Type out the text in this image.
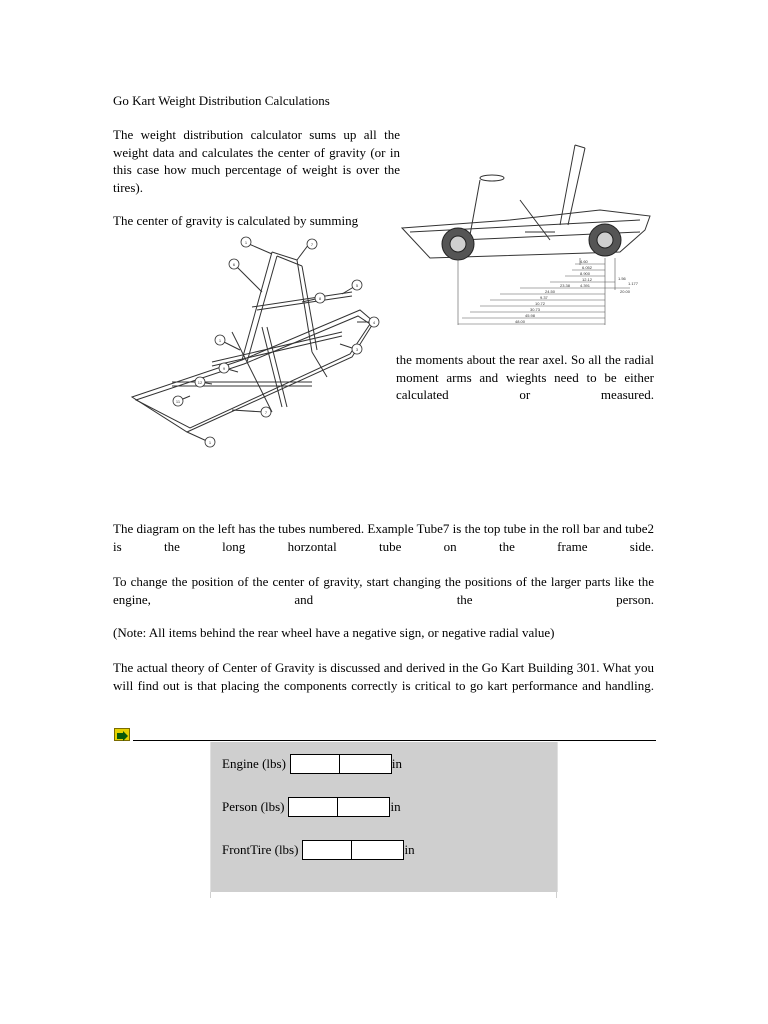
Go Kart Weight Distribution Calculations
The weight distribution calculator sums up all the weight data and calculates the center of gravity (or in this case how much percentage of weight is over the tires).
The center of gravity is calculated by summing
the moments about the rear axel. So all the radial moment arms and wieghts need to be either calculated or measured.
1	7
6
8
5
4
3
1
9
12
11
7
1
4.60
6.052
8.900
12.12	1.56
23.38 4.391	1.177
24.50	20.00
9.37
10.72
30.73
45.98
48.00
The diagram on the left has the tubes numbered. Example Tube7 is the top tube in the roll bar and tube2 is the long horzontal tube on the frame side.
To change the position of the center of gravity, start changing the positions of the larger parts like the engine, and the person.
(Note: All items behind the rear wheel have a negative sign, or negative radial value)
The actual theory of Center of Gravity is discussed and derived in the Go Kart Building 301. What you will find out is that placing the components correctly is critical to go kart performance and handling.
Engine (lbs)	in
Person (lbs)	in
FrontTire (lbs)	in
